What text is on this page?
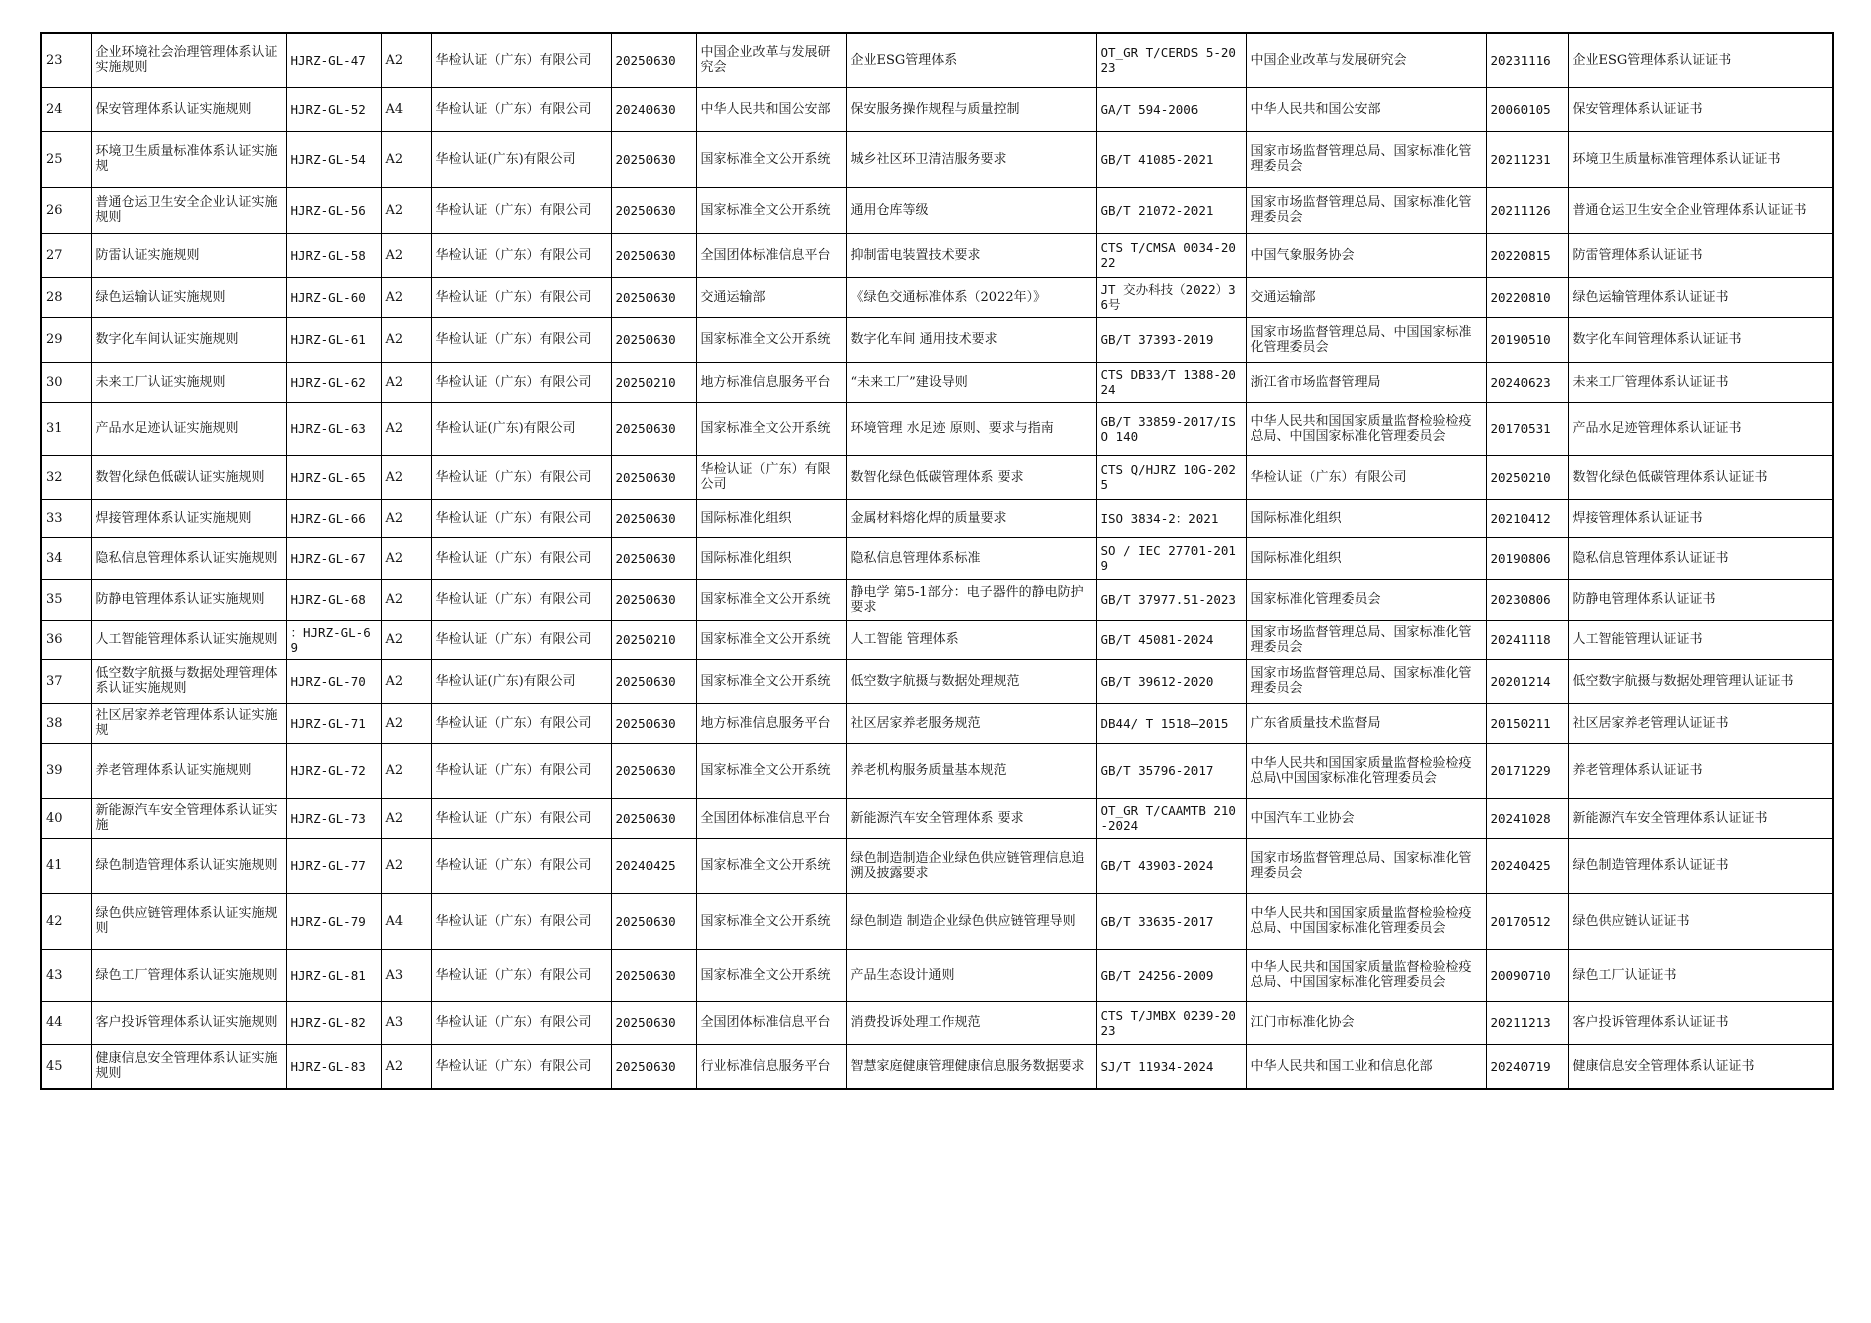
23	企业环境社会治理管理体系认证实施规则	HJRZ-GL-47	A2	华检认证（广东）有限公司	20250630	中国企业改革与发展研究会	企业ESG管理体系	OT_GR T/CERDS 5-2023	中国企业改革与发展研究会	20231116	企业ESG管理体系认证证书
24	保安管理体系认证实施规则	HJRZ-GL-52	A4	华检认证（广东）有限公司	20240630	中华人民共和国公安部	保安服务操作规程与质量控制	GA/T 594-2006	中华人民共和国公安部	20060105	保安管理体系认证证书
25	环境卫生质量标准体系认证实施规	HJRZ-GL-54	A2	华检认证(广东)有限公司	20250630	国家标准全文公开系统	城乡社区环卫清洁服务要求	GB/T 41085-2021	国家市场监督管理总局、国家标准化管理委员会	20211231	环境卫生质量标准管理体系认证证书
26	普通仓运卫生安全企业认证实施规则	HJRZ-GL-56	A2	华检认证（广东）有限公司	20250630	国家标准全文公开系统	通用仓库等级	GB/T 21072-2021	国家市场监督管理总局、国家标准化管理委员会	20211126	普通仓运卫生安全企业管理体系认证证书
27	防雷认证实施规则	HJRZ-GL-58	A2	华检认证（广东）有限公司	20250630	全国团体标准信息平台	抑制雷电装置技术要求	CTS T/CMSA 0034-2022	中国气象服务协会	20220815	防雷管理体系认证证书
28	绿色运输认证实施规则	HJRZ-GL-60	A2	华检认证（广东）有限公司	20250630	交通运输部	《绿色交通标准体系（2022年）》	JT 交办科技（2022）36号	交通运输部	20220810	绿色运输管理体系认证证书
29	数字化车间认证实施规则	HJRZ-GL-61	A2	华检认证（广东）有限公司	20250630	国家标准全文公开系统	数字化车间 通用技术要求	GB/T 37393-2019	国家市场监督管理总局、中国国家标准化管理委员会	20190510	数字化车间管理体系认证证书
30	未来工厂认证实施规则	HJRZ-GL-62	A2	华检认证（广东）有限公司	20250210	地方标准信息服务平台	“未来工厂”建设导则	CTS DB33/T 1388-2024	浙江省市场监督管理局	20240623	未来工厂管理体系认证证书
31	产品水足迹认证实施规则	HJRZ-GL-63	A2	华检认证(广东)有限公司	20250630	国家标准全文公开系统	环境管理 水足迹 原则、要求与指南	GB/T 33859-2017/ISO 140	中华人民共和国国家质量监督检验检疫总局、中国国家标准化管理委员会	20170531	产品水足迹管理体系认证证书
32	数智化绿色低碳认证实施规则	HJRZ-GL-65	A2	华检认证（广东）有限公司	20250630	华检认证（广东）有限公司	数智化绿色低碳管理体系 要求	CTS Q/HJRZ 10G-2025	华检认证（广东）有限公司	20250210	数智化绿色低碳管理体系认证证书
33	焊接管理体系认证实施规则	HJRZ-GL-66	A2	华检认证（广东）有限公司	20250630	国际标准化组织	金属材料熔化焊的质量要求	ISO 3834-2：2021	国际标准化组织	20210412	焊接管理体系认证证书
34	隐私信息管理体系认证实施规则	HJRZ-GL-67	A2	华检认证（广东）有限公司	20250630	国际标准化组织	隐私信息管理体系标准	SO / IEC 27701-2019	国际标准化组织	20190806	隐私信息管理体系认证证书
35	防静电管理体系认证实施规则	HJRZ-GL-68	A2	华检认证（广东）有限公司	20250630	国家标准全文公开系统	静电学 第5-1部分：电子器件的静电防护 要求	GB/T 37977.51-2023	国家标准化管理委员会	20230806	防静电管理体系认证证书
36	人工智能管理体系认证实施规则	：HJRZ-GL-69	A2	华检认证（广东）有限公司	20250210	国家标准全文公开系统	人工智能 管理体系	GB/T 45081-2024	国家市场监督管理总局、国家标准化管理委员会	20241118	人工智能管理认证证书
37	低空数字航摄与数据处理管理体系认证实施规则	HJRZ-GL-70	A2	华检认证(广东)有限公司	20250630	国家标准全文公开系统	低空数字航摄与数据处理规范	GB/T 39612-2020	国家市场监督管理总局、国家标准化管理委员会	20201214	低空数字航摄与数据处理管理认证证书
38	社区居家养老管理体系认证实施规	HJRZ-GL-71	A2	华检认证（广东）有限公司	20250630	地方标准信息服务平台	社区居家养老服务规范	DB44/ T 1518—2015	广东省质量技术监督局	20150211	社区居家养老管理认证证书
39	养老管理体系认证实施规则	HJRZ-GL-72	A2	华检认证（广东）有限公司	20250630	国家标准全文公开系统	养老机构服务质量基本规范	GB/T 35796-2017	中华人民共和国国家质量监督检验检疫总局\中国国家标准化管理委员会	20171229	养老管理体系认证证书
40	新能源汽车安全管理体系认证实施	HJRZ-GL-73	A2	华检认证（广东）有限公司	20250630	全国团体标准信息平台	新能源汽车安全管理体系 要求	OT_GR T/CAAMTB 210-2024	中国汽车工业协会	20241028	新能源汽车安全管理体系认证证书
41	绿色制造管理体系认证实施规则	HJRZ-GL-77	A2	华检认证（广东）有限公司	20240425	国家标准全文公开系统	绿色制造制造企业绿色供应链管理信息追溯及披露要求	GB/T 43903-2024	国家市场监督管理总局、国家标准化管理委员会	20240425	绿色制造管理体系认证证书
42	绿色供应链管理体系认证实施规则	HJRZ-GL-79	A4	华检认证（广东）有限公司	20250630	国家标准全文公开系统	绿色制造 制造企业绿色供应链管理导则	GB/T 33635-2017	中华人民共和国国家质量监督检验检疫总局、中国国家标准化管理委员会	20170512	绿色供应链认证证书
43	绿色工厂管理体系认证实施规则	HJRZ-GL-81	A3	华检认证（广东）有限公司	20250630	国家标准全文公开系统	产品生态设计通则	GB/T 24256-2009	中华人民共和国国家质量监督检验检疫总局、中国国家标准化管理委员会	20090710	绿色工厂认证证书
44	客户投诉管理体系认证实施规则	HJRZ-GL-82	A3	华检认证（广东）有限公司	20250630	全国团体标准信息平台	消费投诉处理工作规范	CTS T/JMBX 0239-2023	江门市标准化协会	20211213	客户投诉管理体系认证证书
45	健康信息安全管理体系认证实施规则	HJRZ-GL-83	A2	华检认证（广东）有限公司	20250630	行业标准信息服务平台	智慧家庭健康管理健康信息服务数据要求	SJ/T 11934-2024	中华人民共和国工业和信息化部	20240719	健康信息安全管理体系认证证书
